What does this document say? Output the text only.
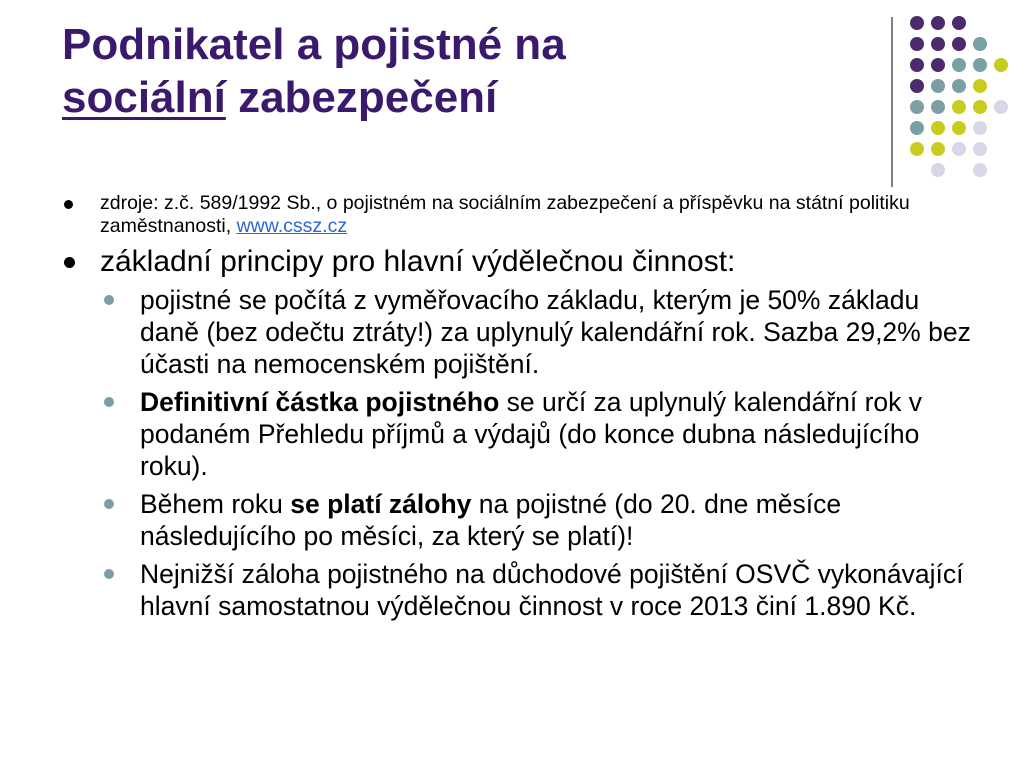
Podnikatel a pojistné na
sociální zabezpečení
zdroje: z.č. 589/1992 Sb., o pojistném na sociálním zabezpečení a příspěvku na státní politiku zaměstnanosti, www.cssz.cz
základní principy pro hlavní výdělečnou činnost:
pojistné se počítá z vyměřovacího základu, kterým je 50% základu daně (bez odečtu ztráty!) za uplynulý kalendářní rok. Sazba 29,2% bez účasti na nemocenském pojištění.
Definitivní částka pojistného se určí za uplynulý kalendářní rok v podaném Přehledu příjmů a výdajů (do konce dubna následujícího roku).
Během roku se platí zálohy na pojistné (do 20. dne měsíce následujícího po měsíci, za který se platí)!
Nejnižší záloha pojistného na důchodové pojištění OSVČ vykonávající hlavní samostatnou výdělečnou činnost v roce 2013 činí 1.890 Kč.
